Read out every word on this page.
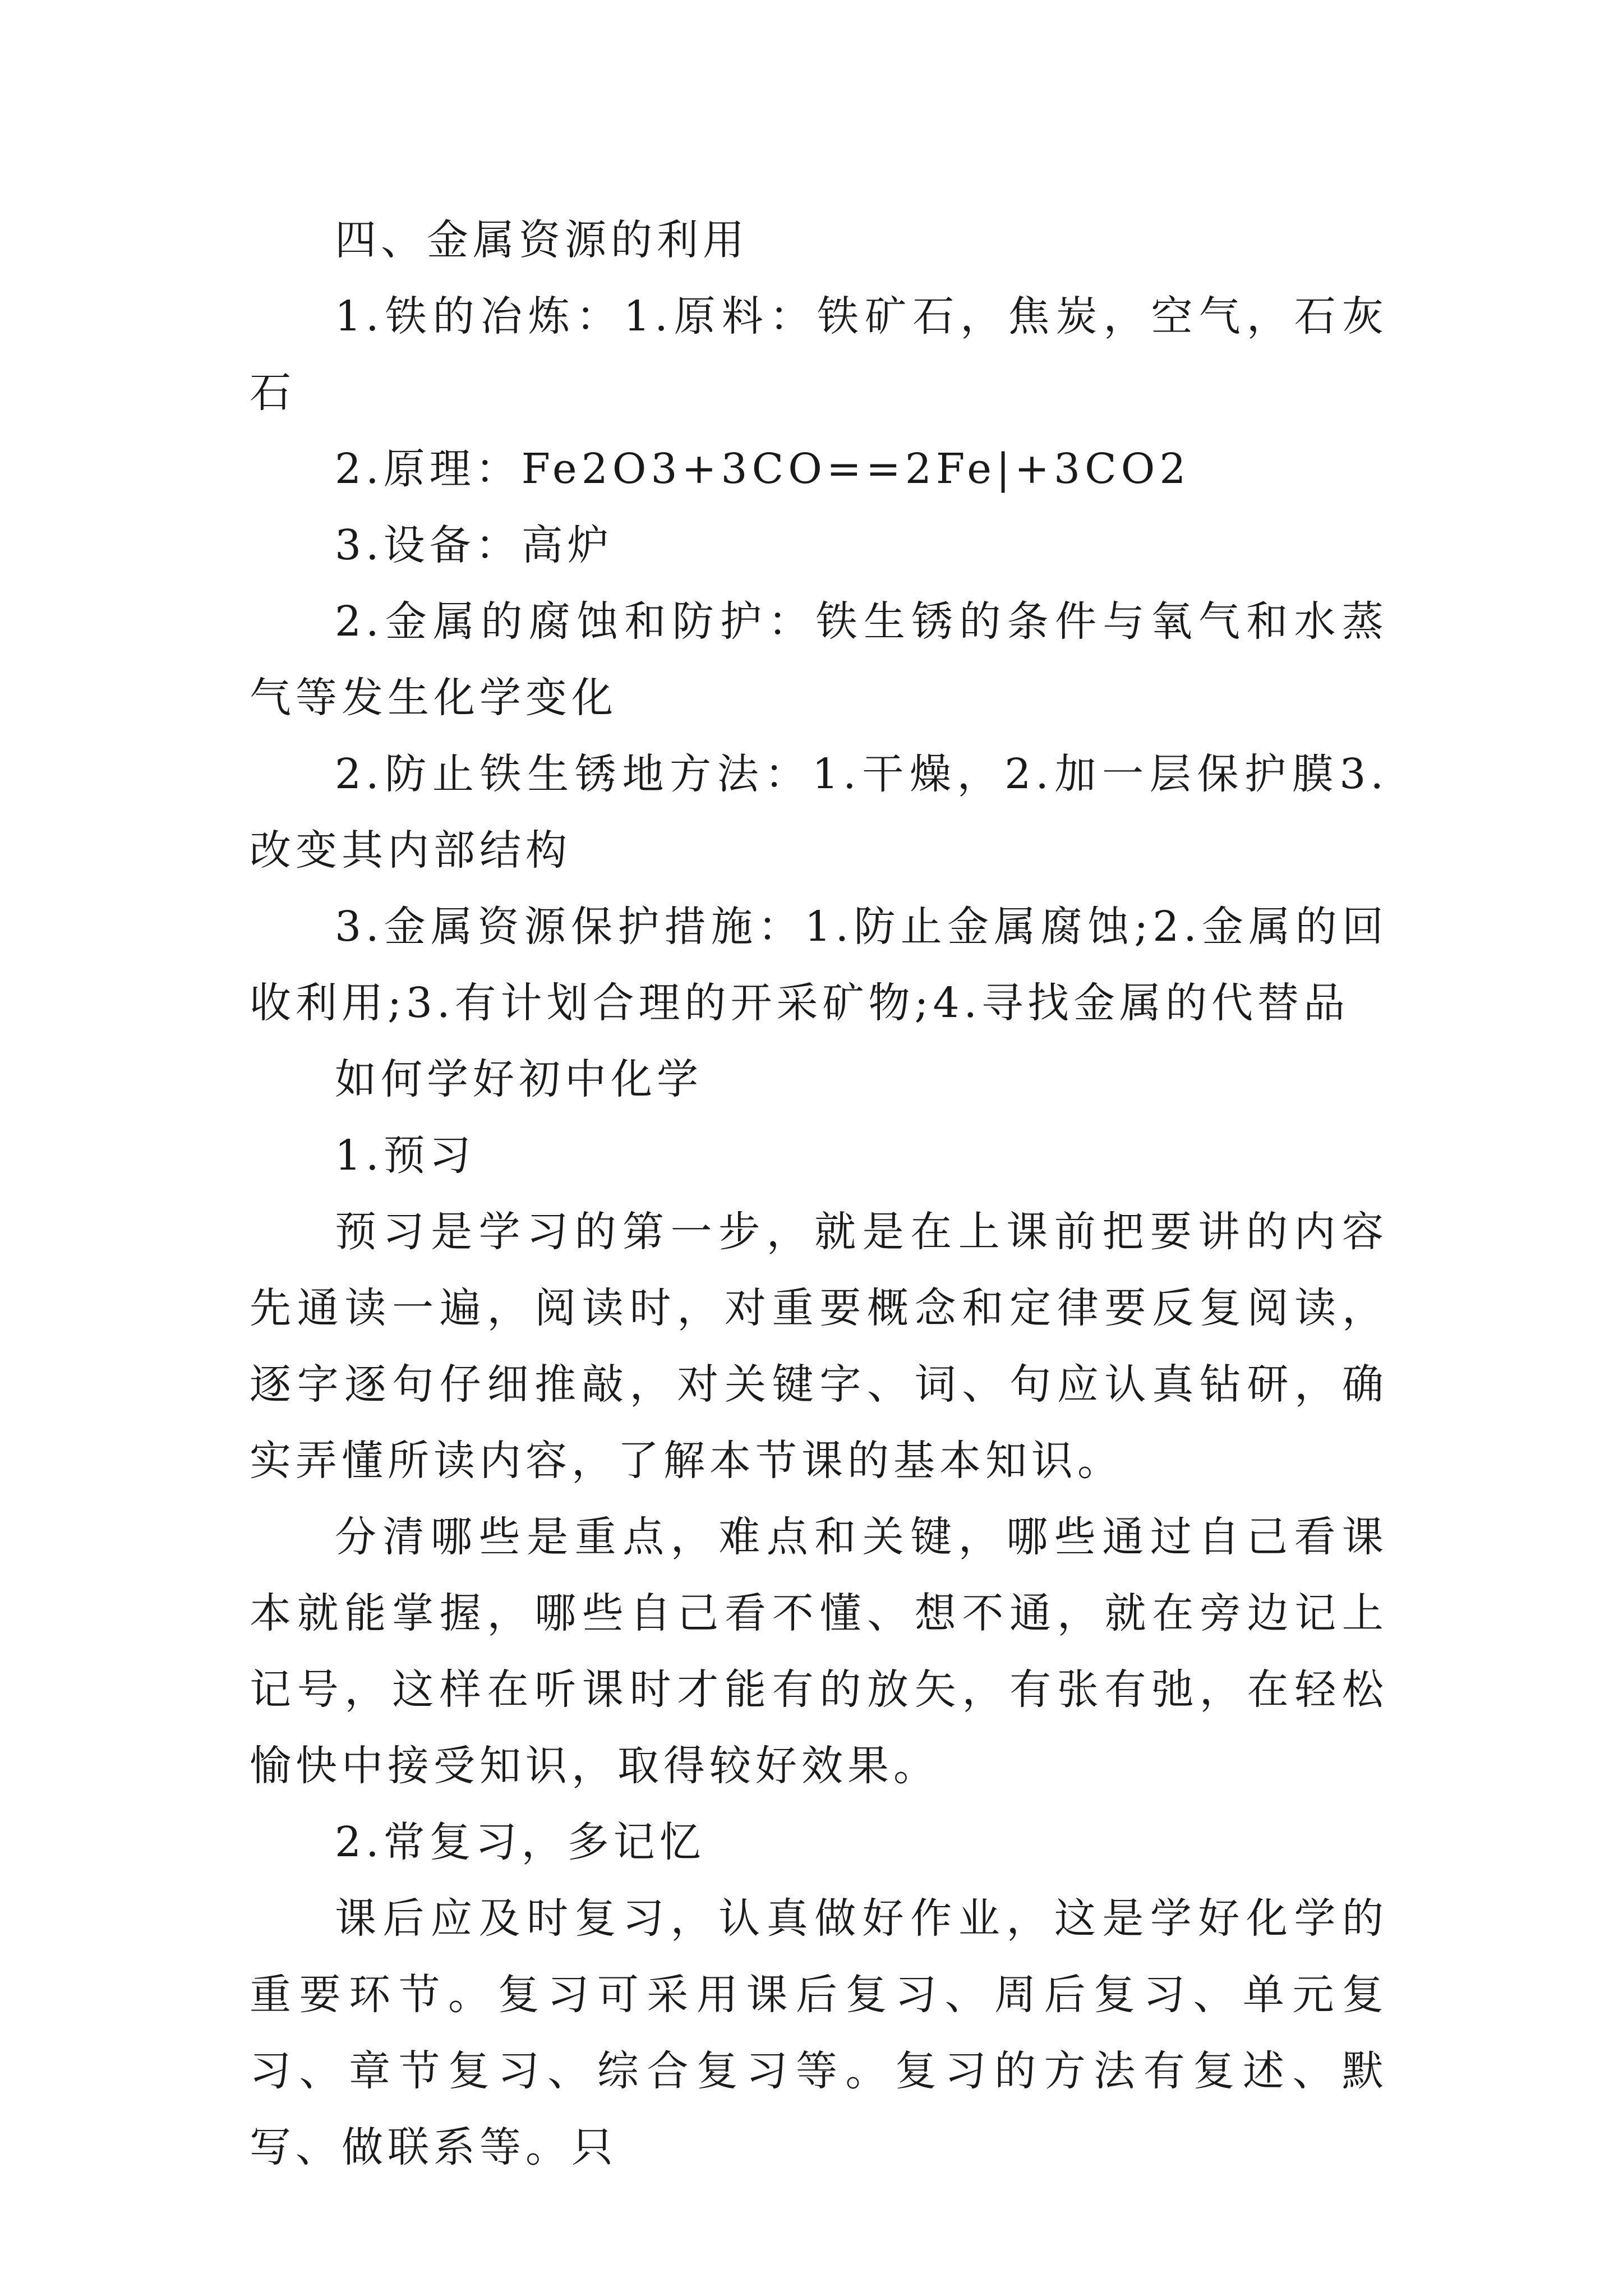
四、金属资源的利用

1.铁的冶炼：1.原料：铁矿石，焦炭，空气，石灰石

2.原理：Fe2O3+3CO==2Fe|+3CO2

3.设备：高炉

2.金属的腐蚀和防护：铁生锈的条件与氧气和水蒸气等发生化学变化

2.防止铁生锈地方法：1.干燥，2.加一层保护膜3.改变其内部结构

3.金属资源保护措施：1.防止金属腐蚀;2.金属的回收利用;3.有计划合理的开采矿物;4.寻找金属的代替品

如何学好初中化学

1.预习

预习是学习的第一步，就是在上课前把要讲的内容先通读一遍，阅读时，对重要概念和定律要反复阅读，逐字逐句仔细推敲，对关键字、词、句应认真钻研，确实弄懂所读内容，了解本节课的基本知识。

分清哪些是重点，难点和关键，哪些通过自己看课本就能掌握，哪些自己看不懂、想不通，就在旁边记上记号，这样在听课时才能有的放矢，有张有弛，在轻松愉快中接受知识，取得较好效果。

2.常复习，多记忆

课后应及时复习，认真做好作业，这是学好化学的重要环节。复习可采用课后复习、周后复习、单元复习、章节复习、综合复习等。复习的方法有复述、默写、做联系等。只
